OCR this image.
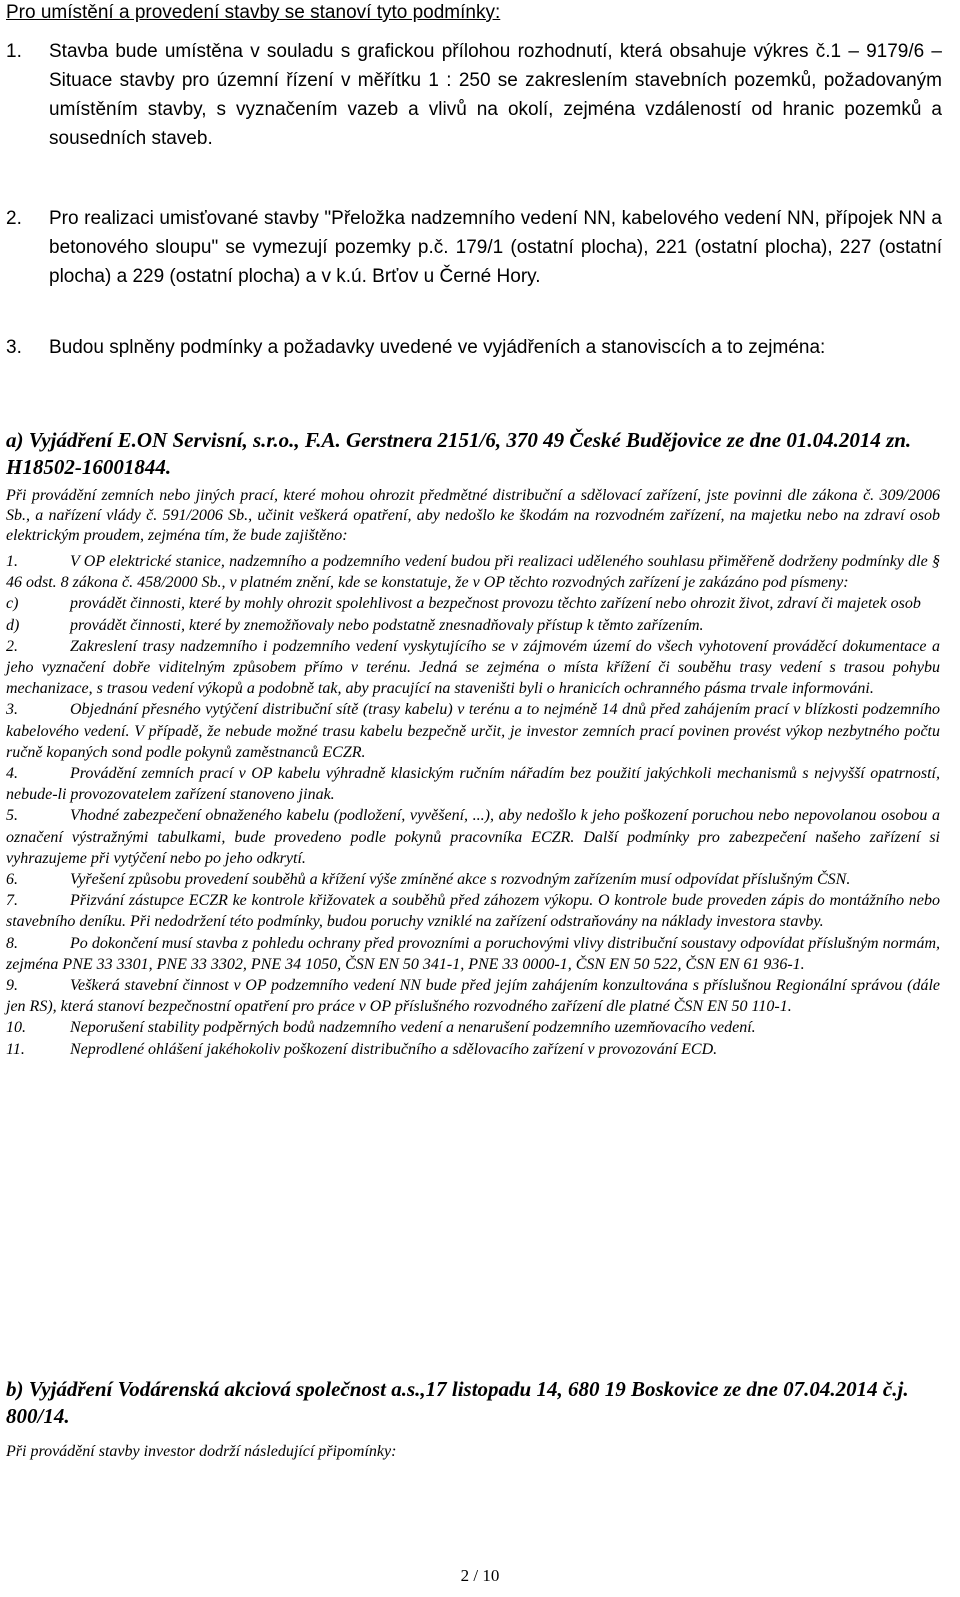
Pro umístění a provedení stavby se stanoví tyto podmínky:
1. Stavba bude umístěna v souladu s grafickou přílohou rozhodnutí, která obsahuje výkres č.1 – 9179/6 – Situace stavby pro územní řízení v měřítku 1 : 250 se zakreslením stavebních pozemků, požadovaným umístěním stavby, s vyznačením vazeb a vlivů na okolí, zejména vzdáleností od hranic pozemků a sousedních staveb.
2. Pro realizaci umisťované stavby "Přeložka nadzemního vedení NN, kabelového vedení NN, přípojek NN a betonového sloupu" se vymezují pozemky p.č. 179/1 (ostatní plocha), 221 (ostatní plocha), 227 (ostatní plocha) a 229 (ostatní plocha) a v k.ú. Brťov u Černé Hory.
3. Budou splněny podmínky a požadavky uvedené ve vyjádřeních a stanoviscích a to zejména:
a) Vyjádření E.ON Servisní, s.r.o., F.A. Gerstnera 2151/6, 370 49 České Budějovice ze dne 01.04.2014 zn. H18502-16001844.
Při provádění zemních nebo jiných prací, které mohou ohrozit předmětné distribuční a sdělovací zařízení, jste povinni dle zákona č. 309/2006 Sb., a nařízení vlády č. 591/2006 Sb., učinit veškerá opatření, aby nedošlo ke škodám na rozvodném zařízení, na majetku nebo na zdraví osob elektrickým proudem, zejména tím, že bude zajištěno:

1.	V OP elektrické stanice, nadzemního a podzemního vedení budou při realizaci uděleného souhlasu přiměřeně dodrženy podmínky dle § 46 odst. 8 zákona č. 458/2000 Sb., v platném znění, kde se konstatuje, že v OP těchto rozvodných zařízení je zakázáno pod písmeny:

c)	provádět činnosti, které by mohly ohrozit spolehlivost a bezpečnost provozu těchto zařízení nebo ohrozit život, zdraví či majetek osob

d)	provádět činnosti, které by znemožňovaly nebo podstatně znesnadňovaly přístup k těmto zařízením.

2.	Zakreslení trasy nadzemního i podzemního vedení vyskytujícího se v zájmovém území do všech vyhotovení prováděcí dokumentace a jeho vyznačení dobře viditelným způsobem přímo v terénu. Jedná se zejména o místa křížení či souběhu trasy vedení s trasou pohybu mechanizace, s trasou vedení výkopů a podobně tak, aby pracující na staveništi byli o hranicích ochranného pásma trvale informováni.

3.	Objednání přesného vytýčení distribuční sítě (trasy kabelu) v terénu a to nejméně 14 dnů před zahájením prací v blízkosti podzemního kabelového vedení. V případě, že nebude možné trasu kabelu bezpečně určit, je investor zemních prací povinen provést výkop nezbytného počtu ručně kopaných sond podle pokynů zaměstnanců ECZR.

4.	Provádění zemních prací v OP kabelu výhradně klasickým ručním nářadím bez použití jakýchkoli mechanismů s nejvyšší opatrností, nebude-li provozovatelem zařízení stanoveno jinak.

5.	Vhodné zabezpečení obnaženého kabelu (podložení, vyvěšení, ...), aby nedošlo k jeho poškození poruchou nebo nepovolanou osobou a označení výstražnými tabulkami, bude provedeno podle pokynů pracovníka ECZR. Další podmínky pro zabezpečení našeho zařízení si vyhrazujeme při vytýčení nebo po jeho odkrytí.

6.	Vyřešení způsobu provedení souběhů a křížení výše zmíněné akce s rozvodným zařízením musí odpovídat příslušným ČSN.

7.	Přizvání zástupce ECZR ke kontrole křižovatek a souběhů před záhozem výkopu. O kontrole bude proveden zápis do montážního nebo stavebního deníku. Při nedodržení této podmínky, budou poruchy vzniklé na zařízení odstraňovány na náklady investora stavby.

8.	Po dokončení musí stavba z pohledu ochrany před provozními a poruchovými vlivy distribuční soustavy odpovídat příslušným normám, zejména PNE 33 3301, PNE 33 3302, PNE 34 1050, ČSN EN 50 341-1, PNE 33 0000-1, ČSN EN 50 522, ČSN EN 61 936-1.

9.	Veškerá stavební činnost v OP podzemního vedení NN bude před jejím zahájením konzultována s příslušnou Regionální správou (dále jen RS), která stanoví bezpečnostní opatření pro práce v OP příslušného rozvodného zařízení dle platné ČSN EN 50 110-1.

10.	Neporušení stability podpěrných bodů nadzemního vedení a nenarušení podzemního uzemňovacího vedení.

11.	Neprodlené ohlášení jakéhokoliv poškození distribučního a sdělovacího zařízení v provozování ECD.

b) Vyjádření Vodárenská akciová společnost a.s.,17 listopadu 14, 680 19 Boskovice ze dne 07.04.2014 č.j. 800/14.
Při provádění stavby investor dodrží následující připomínky:
2 / 10
